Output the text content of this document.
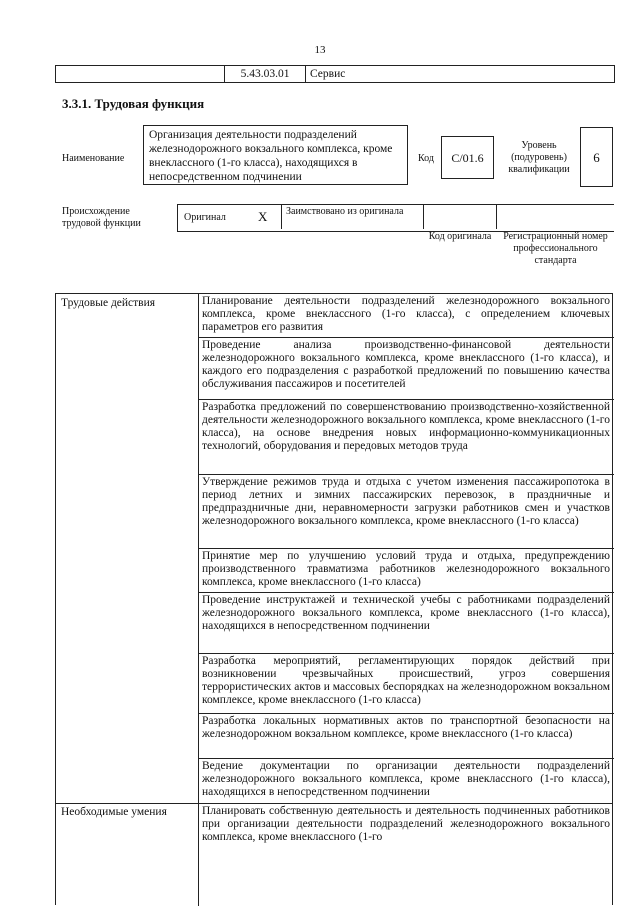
13
5.43.03.01	Сервис
3.3.1. Трудовая функция
Наименование
Организация деятельности подразделений железнодорожного вокзального комплекса, кроме внеклассного (1-го класса), находящихся в непосредственном подчинении
Код	C/01.6
Уровень (подуровень) квалификации
6
Происхождение трудовой функции
Оригинал X Заимствовано из оригинала
Код оригинала	Регистрационный номер профессионального стандарта
Трудовые действия	Планирование деятельности подразделений железнодорожного вокзального комплекса, кроме внеклассного (1-го класса), с определением ключевых параметров его развития
Проведение анализа производственно-финансовой деятельности железнодорожного вокзального комплекса, кроме внеклассного (1-го класса), и каждого его подразделения с разработкой предложений по повышению качества обслуживания пассажиров и посетителей
Разработка предложений по совершенствованию производственно-хозяйственной деятельности железнодорожного вокзального комплекса, кроме внеклассного (1-го класса), на основе внедрения новых информационно-коммуникационных технологий, оборудования и передовых методов труда
Утверждение режимов труда и отдыха с учетом изменения пассажиропотока в период летних и зимних пассажирских перевозок, в праздничные и предпраздничные дни, неравномерности загрузки работников смен и участков железнодорожного вокзального комплекса, кроме внеклассного (1-го класса)
Принятие мер по улучшению условий труда и отдыха, предупреждению производственного травматизма работников железнодорожного вокзального комплекса, кроме внеклассного (1-го класса)
Проведение инструктажей и технической учебы с работниками подразделений железнодорожного вокзального комплекса, кроме внеклассного (1-го класса), находящихся в непосредственном подчинении
Разработка мероприятий, регламентирующих порядок действий при возникновении чрезвычайных происшествий, угроз совершения террористических актов и массовых беспорядках на железнодорожном вокзальном комплексе, кроме внеклассного (1-го класса)
Разработка локальных нормативных актов по транспортной безопасности на железнодорожном вокзальном комплексе, кроме внеклассного (1-го класса)
Ведение документации по организации деятельности подразделений железнодорожного вокзального комплекса, кроме внеклассного (1-го класса), находящихся в непосредственном подчинении
Необходимые умения	Планировать собственную деятельность и деятельность подчиненных работников при организации деятельности подразделений железнодорожного вокзального комплекса, кроме внеклассного (1-го
